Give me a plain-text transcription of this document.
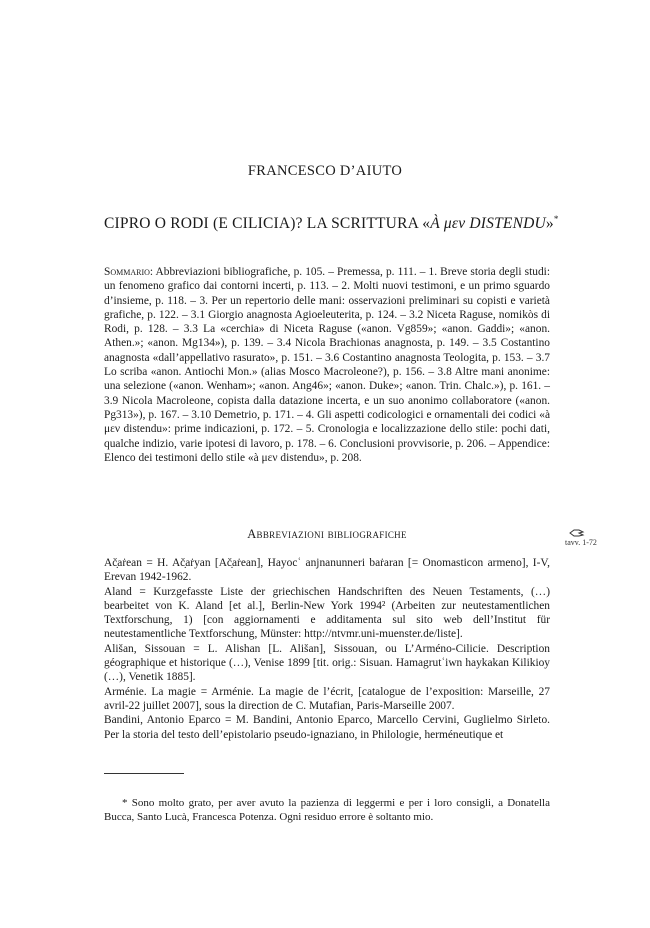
FRANCESCO D’AIUTO
CIPRO O RODI (E CILICIA)? LA SCRITTURA «À μεν DISTENDU»*
Sommario: Abbreviazioni bibliografiche, p. 105. – Premessa, p. 111. – 1. Breve storia degli studi: un fenomeno grafico dai contorni incerti, p. 113. – 2. Molti nuovi testimoni, e un primo sguardo d’insieme, p. 118. – 3. Per un repertorio delle mani: osservazioni preliminari su copisti e varietà grafiche, p. 122. – 3.1 Giorgio anagnosta Agioeleuterita, p. 124. – 3.2 Niceta Raguse, nomikòs di Rodi, p. 128. – 3.3 La «cerchia» di Niceta Raguse («anon. Vg859»; «anon. Gaddi»; «anon. Athen.»; «anon. Mg134»), p. 139. – 3.4 Nicola Brachionas anagnosta, p. 149. – 3.5 Costantino anagnosta «dall’appellativo rasurato», p. 151. – 3.6 Costantino anagnosta Teologita, p. 153. – 3.7 Lo scriba «anon. Antiochi Mon.» (alias Mosco Macroleone?), p. 156. – 3.8 Altre mani anonime: una selezione («anon. Wenham»; «anon. Ang46»; «anon. Duke»; «anon. Trin. Chalc.»), p. 161. – 3.9 Nicola Macroleone, copista dalla datazione incerta, e un suo anonimo collaboratore («anon. Pg313»), p. 167. – 3.10 Demetrio, p. 171. – 4. Gli aspetti codicologici e ornamentali dei codici «à μεν distendu»: prime indicazioni, p. 172. – 5. Cronologia e localizzazione dello stile: pochi dati, qualche indizio, varie ipotesi di lavoro, p. 178. – 6. Conclusioni provvisorie, p. 206. – Appendice: Elenco dei testimoni dello stile «à μεν distendu», p. 208.
Abbreviazioni bibliografiche
tavv. 1-72

Ač̣aṙean = H. Ač̣aṙyan [Ač̣aṙean], Hayocʿ anjnanunneri baṙaran [= Onomasticon armeno], I-V, Erevan 1942-1962.

Aland = Kurzgefasste Liste der griechischen Handschriften des Neuen Testaments, (…) bearbeitet von K. Aland [et al.], Berlin-New York 1994² (Arbeiten zur neutestamentlichen Textforschung, 1) [con aggiornamenti e additamenta sul sito web dell’Institut für neutestamentliche Textforschung, Münster: http://ntvmr.uni-muenster.de/liste].

Ališan, Sissouan = L. Alishan [L. Ališan], Sissouan, ou L’Arméno-Cilicie. Description géographique et historique (…), Venise 1899 [tit. orig.: Sisuan. Hamagrutʿiwn haykakan Kilikioy (…), Venetik 1885].

Arménie. La magie = Arménie. La magie de l’écrit, [catalogue de l’exposition: Marseille, 27 avril-22 juillet 2007], sous la direction de C. Mutafian, Paris-Marseille 2007.

Bandini, Antonio Eparco = M. Bandini, Antonio Eparco, Marcello Cervini, Guglielmo Sirleto. Per la storia del testo dell’epistolario pseudo-ignaziano, in Philologie, herméneutique et

* Sono molto grato, per aver avuto la pazienza di leggermi e per i loro consigli, a Donatella Bucca, Santo Lucà, Francesca Potenza. Ogni residuo errore è soltanto mio.
